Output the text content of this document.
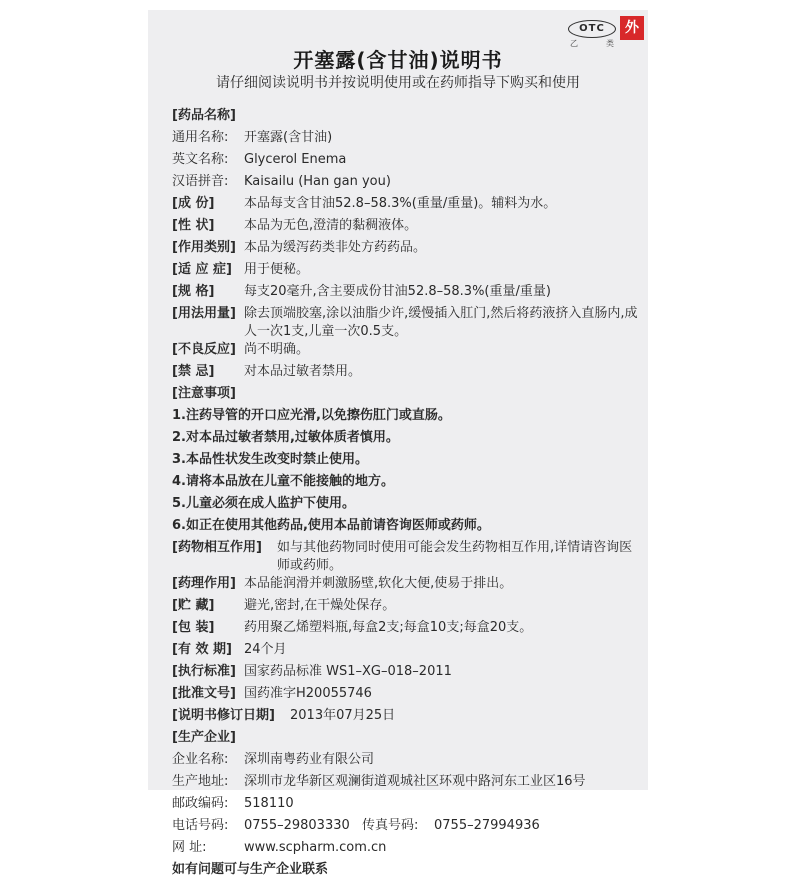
OTC
乙	类
外
开塞露(含甘油)说明书
请仔细阅读说明书并按说明使用或在药师指导下购买和使用
[药品名称]
通用名称:	开塞露(含甘油)
英文名称:	Glycerol Enema
汉语拼音:	Kaisailu (Han gan you)
[成 份]	本品每支含甘油52.8–58.3%(重量/重量)。辅料为水。
[性 状]	本品为无色,澄清的黏稠液体。
[作用类别] 本品为缓泻药类非处方药药品。
[适 应 症] 用于便秘。
[规 格]	每支20毫升,含主要成份甘油52.8–58.3%(重量/重量)
[用法用量] 除去顶端胶塞,涂以油脂少许,缓慢插入肛门,然后将药液挤入直肠内,成人一次1支,儿童一次0.5支。
[不良反应] 尚不明确。
[禁 忌]	对本品过敏者禁用。
[注意事项]
1.注药导管的开口应光滑,以免擦伤肛门或直肠。
2.对本品过敏者禁用,过敏体质者慎用。
3.本品性状发生改变时禁止使用。
4.请将本品放在儿童不能接触的地方。
5.儿童必须在成人监护下使用。
6.如正在使用其他药品,使用本品前请咨询医师或药师。
[药物相互作用]	如与其他药物同时使用可能会发生药物相互作用,详情请咨询医师或药师。
[药理作用] 本品能润滑并刺激肠壁,软化大便,使易于排出。
[贮 藏]	避光,密封,在干燥处保存。
[包 装]	药用聚乙烯塑料瓶,每盒2支;每盒10支;每盒20支。
[有 效 期] 24个月
[执行标准] 国家药品标准 WS1–XG–018–2011
[批准文号] 国药准字H20055746
[说明书修订日期]	2013年07月25日
[生产企业]
企业名称:	深圳南粤药业有限公司
生产地址:	深圳市龙华新区观澜街道观城社区环观中路河东工业区16号
邮政编码:	518110
电话号码:	0755–29803330 传真号码:	0755–27994936
网 址:	www.scpharm.com.cn
如有问题可与生产企业联系
